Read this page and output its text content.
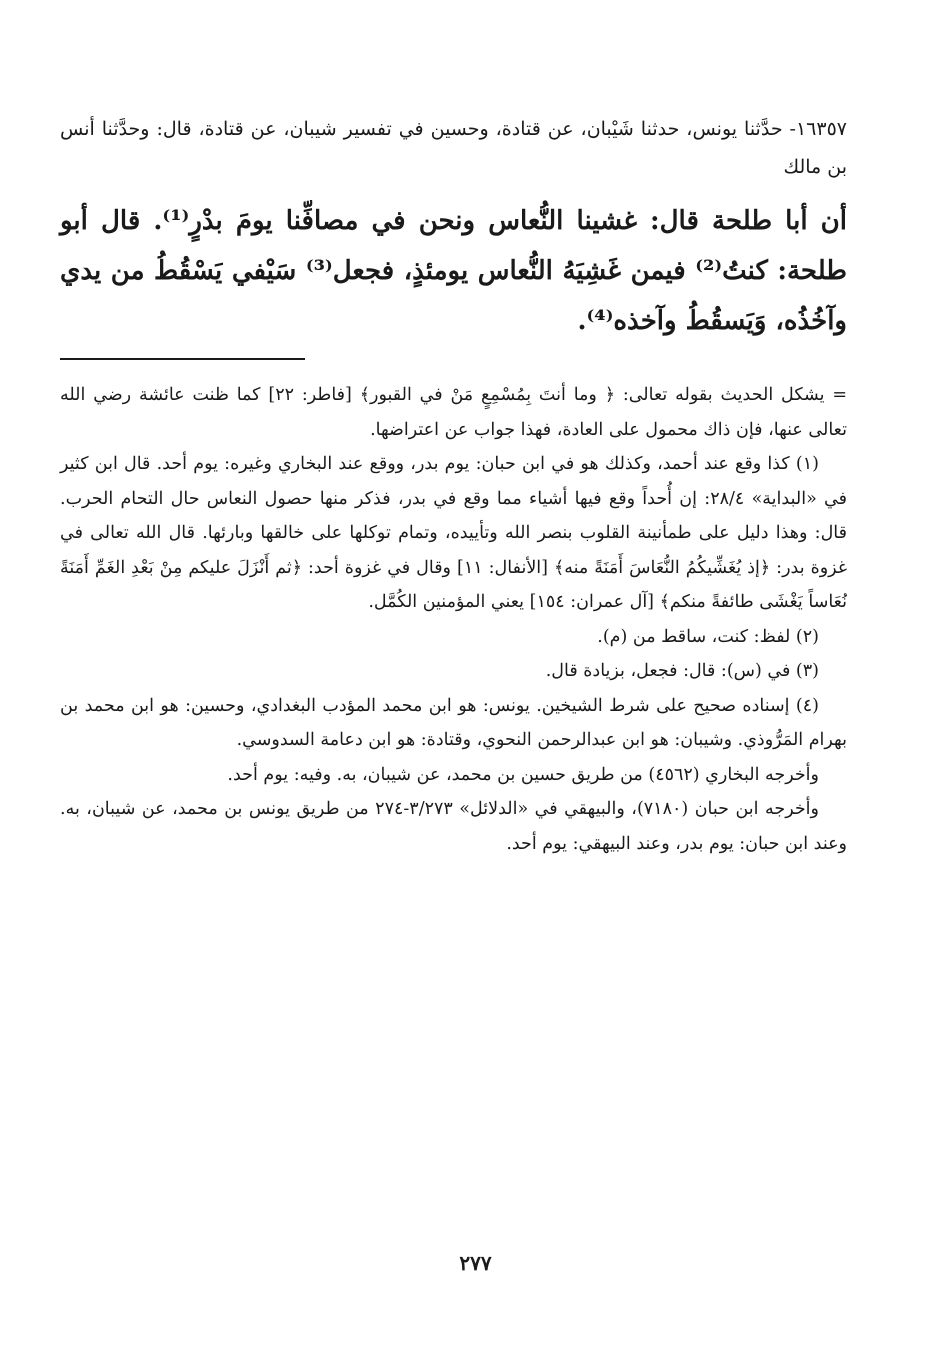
١٦٣٥٧- حدَّثنا يونس، حدثنا شَيْبان، عن قتادة، وحسين في تفسير شيبان، عن قتادة، قال: وحدَّثنا أنس بن مالك

أن أبا طلحة قال: غشينا النُّعاس ونحن في مصافِّنا يومَ بدْرٍ⁽¹⁾. قال أبو طلحة: كنتُ⁽²⁾ فيمن غَشِيَهُ النُّعاس يومئذٍ، فجعل⁽³⁾ سَيْفي يَسْقُطُ من يدي وآخُذُه، وَيَسقُطُ وآخذه⁽⁴⁾.

= يشكل الحديث بقوله تعالى: ﴿ وما أنتَ بِمُسْمِعٍ مَنْ في القبور﴾ [فاطر: ٢٢] كما ظنت عائشة رضي الله تعالى عنها، فإن ذاك محمول على العادة، فهذا جواب عن اعتراضها.

(١) كذا وقع عند أحمد، وكذلك هو في ابن حبان: يوم بدر، ووقع عند البخاري وغيره: يوم أحد. قال ابن كثير في «البداية» ٢٨/٤: إن أُحداً وقع فيها أشياء مما وقع في بدر، فذكر منها حصول النعاس حال التحام الحرب. قال: وهذا دليل على طمأنينة القلوب بنصر الله وتأييده، وتمام توكلها على خالقها وبارئها. قال الله تعالى في غزوة بدر: ﴿إذ يُغَشِّيكُمُ النُّعَاسَ أَمَنَةً منه﴾ [الأنفال: ١١] وقال في غزوة أحد: ﴿ثم أَنْزَلَ عليكم مِنْ بَعْدِ الغَمِّ أَمَنَةً نُعَاساً يَغْشَى طائفةً منكم﴾ [آل عمران: ١٥٤] يعني المؤمنين الكُمَّل.

(٢) لفظ: كنت، ساقط من (م).

(٣) في (س): قال: فجعل، بزيادة قال.

(٤) إسناده صحيح على شرط الشيخين. يونس: هو ابن محمد المؤدب البغدادي، وحسين: هو ابن محمد بن بهرام المَرُّوذي. وشيبان: هو ابن عبدالرحمن النحوي، وقتادة: هو ابن دعامة السدوسي.

وأخرجه البخاري (٤٥٦٢) من طريق حسين بن محمد، عن شيبان، به. وفيه: يوم أحد.

وأخرجه ابن حبان (٧١٨٠)، والبيهقي في «الدلائل» ٣/٢٧٣-٢٧٤ من طريق يونس بن محمد، عن شيبان، به. وعند ابن حبان: يوم بدر، وعند البيهقي: يوم أحد.

٢٧٧
